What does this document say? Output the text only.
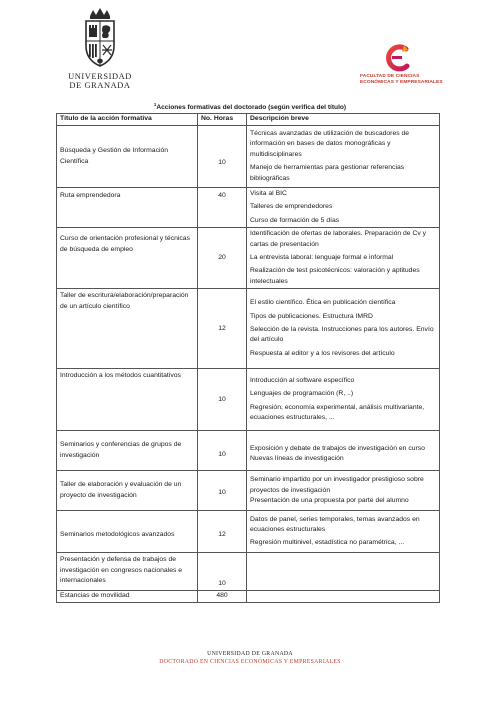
UNIVERSIDAD
DE GRANADA
FACULTAD DE CIENCIAS
ECONÓMICAS Y EMPRESARIALES
$^1$Acciones formativas del doctorado (según verifica del título)
Título de la acción formativa	No. Horas	Descripción breve
Búsqueda y Gestión de Información Científica	10	Técnicas avanzadas de utilización de buscadores de información en bases de datos monográficas y multidisciplinares
Manejo de herramientas para gestionar referencias bibliográficas

Ruta emprendedora	40	Visita al BIC
Talleres de emprendedores
Curso de formación de 5 días

Curso de orientación profesional y técnicas de búsqueda de empleo	20	Identificación de ofertas de laborales. Preparación de Cv y cartas de presentación
La entrevista laboral: lenguaje formal e informal
Realización de test psicotécnicos: valoración y aptitudes intelectuales

Taller de escritura/elaboración/preparación de un artículo científico	12	El estilo científico. Ética en publicación científica
Tipos de publicaciones. Estructura IMRD
Selección de la revista. Instrucciones para los autores. Envío del artículo
Respuesta al editor y a los revisores del artículo

Introducción a los métodos cuantitativos	10	Introducción al software específico
Lenguajes de programación (R, ..)
Regresión, economía experimental, análisis multivariante, ecuaciones estructurales, ...

Seminarios y conferencias de grupos de investigación	10	Exposición y debate de trabajos de investigación en curso
Nuevas líneas de investigación

Taller de elaboración y evaluación de un proyecto de investigación	10	Seminario impartido por un investigador prestigioso sobre proyectos de investigación
Presentación de una propuesta por parte del alumno

Seminarios metodológicos avanzados	12	Datos de panel, series temporales, temas avanzados en ecuaciones estructurales
Regresión multinivel, estadística no paramétrica, ...

Presentación y defensa de trabajos de investigación en congresos nacionales e internacionales	10	
Estancias de movilidad	480	
UNIVERSIDAD DE GRANADA
DOCTORADO EN CIENCIAS ECONÓMICAS Y EMPRESARIALES
